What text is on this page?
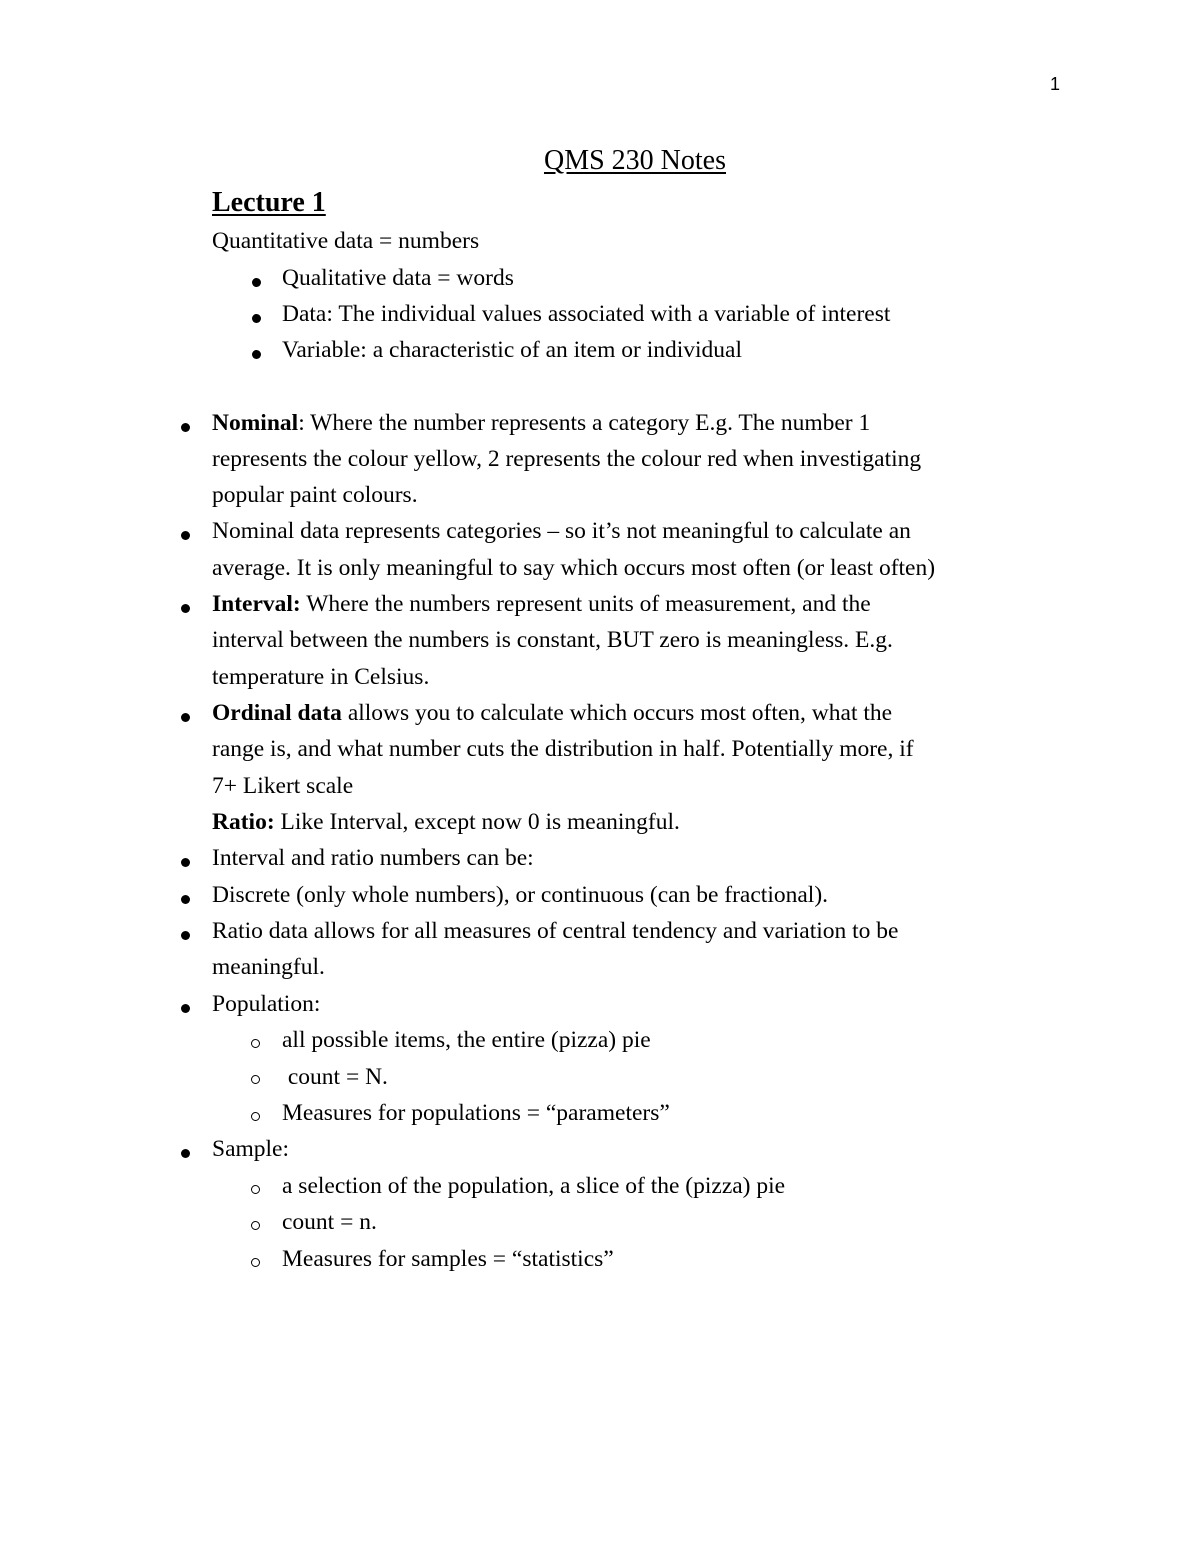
1
QMS 230 Notes
Lecture 1
Quantitative data = numbers
Qualitative data = words
Data: The individual values associated with a variable of interest
Variable: a characteristic of an item or individual
Nominal: Where the number represents a category E.g. The number 1
represents the colour yellow, 2 represents the colour red when investigating
popular paint colours.
Nominal data represents categories – so it’s not meaningful to calculate an
average. It is only meaningful to say which occurs most often (or least often)
Interval: Where the numbers represent units of measurement, and the
interval between the numbers is constant, BUT zero is meaningless. E.g.
temperature in Celsius.
Ordinal data allows you to calculate which occurs most often, what the
range is, and what number cuts the distribution in half. Potentially more, if
7+ Likert scale
Ratio: Like Interval, except now 0 is meaningful.
Interval and ratio numbers can be:
Discrete (only whole numbers), or continuous (can be fractional).
Ratio data allows for all measures of central tendency and variation to be
meaningful.
Population:
all possible items, the entire (pizza) pie
count = N.
Measures for populations = “parameters”
Sample:
a selection of the population, a slice of the (pizza) pie
count = n.
Measures for samples = “statistics”
